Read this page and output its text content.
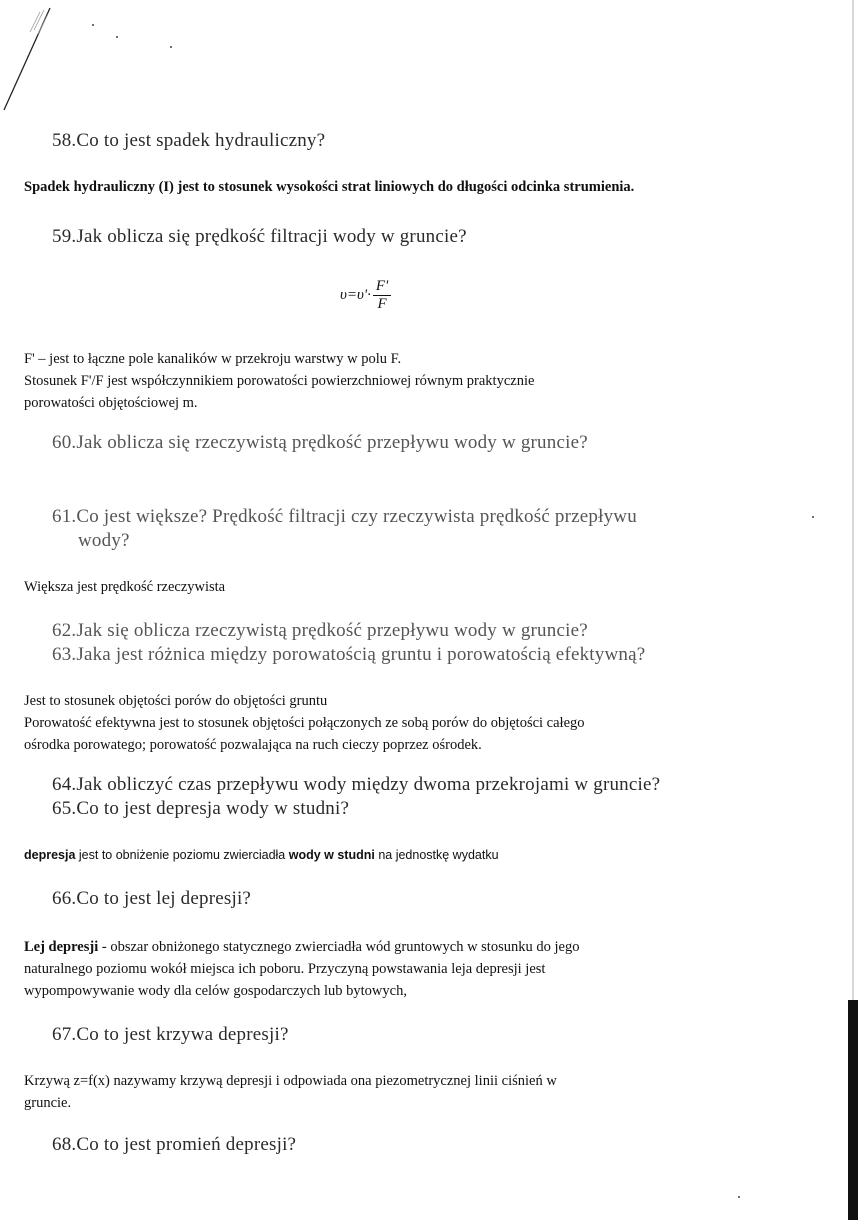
58.Co to jest spadek hydrauliczny?
Spadek hydrauliczny (I) jest to stosunek wysokości strat liniowych do długości odcinka strumienia.
59.Jak oblicza się prędkość filtracji wody w gruncie?
$\upsilon=\upsilon'\cdot \frac{F'}{F}$
F' – jest to łączne pole kanalików w przekroju warstwy w polu F.
Stosunek F'/F jest współczynnikiem porowatości powierzchniowej równym praktycznie
porowatości objętościowej m.
60.Jak oblicza się rzeczywistą prędkość przepływu wody w gruncie?
61.Co jest większe? Prędkość filtracji czy rzeczywista prędkość przepływu
wody?
Większa jest prędkość rzeczywista
62.Jak się oblicza rzeczywistą prędkość przepływu wody w gruncie?
63.Jaka jest różnica między porowatością gruntu i porowatością efektywną?
Jest to stosunek objętości porów do objętości gruntu
Porowatość efektywna jest to stosunek objętości połączonych ze sobą porów do objętości całego
ośrodka porowatego; porowatość pozwalająca na ruch cieczy poprzez ośrodek.
64.Jak obliczyć czas przepływu wody między dwoma przekrojami w gruncie?
65.Co to jest depresja wody w studni?
depresja jest to obniżenie poziomu zwierciadła wody w studni na jednostkę wydatku
66.Co to jest lej depresji?
Lej depresji - obszar obniżonego statycznego zwierciadła wód gruntowych w stosunku do jego
naturalnego poziomu wokół miejsca ich poboru. Przyczyną powstawania leja depresji jest
wypompowywanie wody dla celów gospodarczych lub bytowych,
67.Co to jest krzywa depresji?
Krzywą z=f(x) nazywamy krzywą depresji i odpowiada ona piezometrycznej linii ciśnień w
gruncie.
68.Co to jest promień depresji?
